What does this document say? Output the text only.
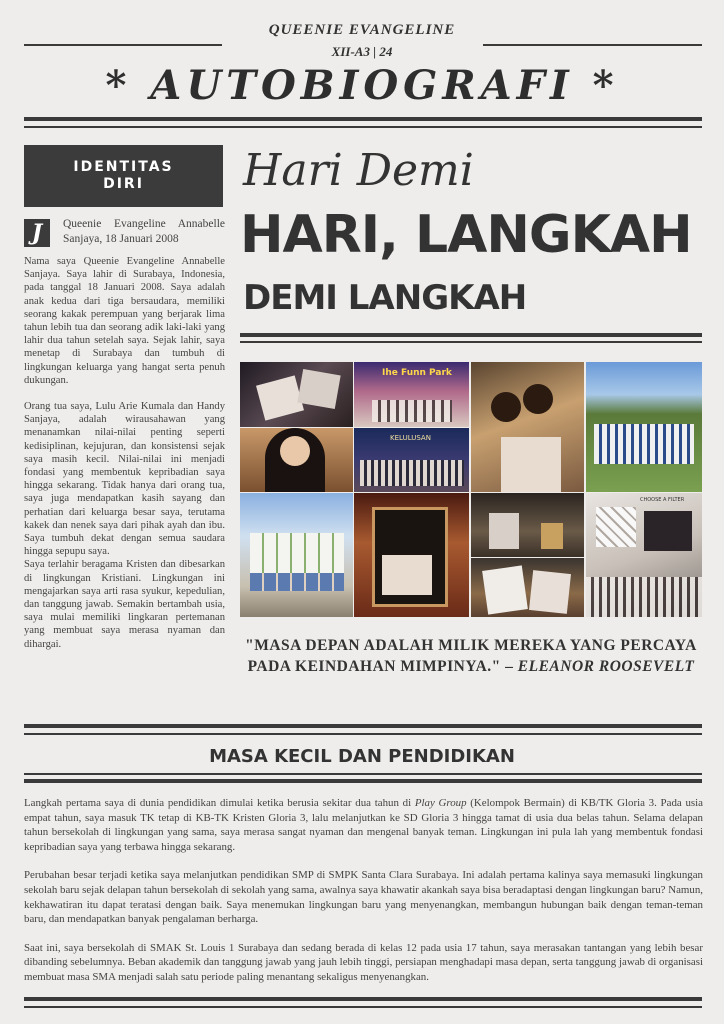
QUEENIE EVANGELINE
XII-A3 | 24
* AUTOBIOGRAFI *
IDENTITAS
DIRI
J	Queenie Evangeline Annabelle Sanjaya, 18 Januari 2008

Nama saya Queenie Evangeline Annabelle Sanjaya. Saya lahir di Surabaya, Indonesia, pada tanggal 18 Januari 2008. Saya adalah anak kedua dari tiga bersaudara, memiliki seorang kakak perempuan yang berjarak lima tahun lebih tua dan seorang adik laki-laki yang lahir dua tahun setelah saya. Sejak lahir, saya menetap di Surabaya dan tumbuh di lingkungan keluarga yang hangat serta penuh dukungan.

Orang tua saya, Lulu Arie Kumala dan Handy Sanjaya, adalah wirausahawan yang menanamkan nilai-nilai penting seperti kedisiplinan, kejujuran, dan konsistensi sejak saya masih kecil. Nilai-nilai ini menjadi fondasi yang membentuk kepribadian saya hingga sekarang. Tidak hanya dari orang tua, saya juga mendapatkan kasih sayang dan perhatian dari keluarga besar saya, terutama kakek dan nenek saya dari pihak ayah dan ibu. Saya tumbuh dekat dengan semua saudara hingga sepupu saya.

Saya terlahir beragama Kristen dan dibesarkan di lingkungan Kristiani. Lingkungan ini mengajarkan saya arti rasa syukur, kepedulian, dan tanggung jawab. Semakin bertambah usia, saya mulai memiliki lingkaran pertemanan yang membuat saya merasa nyaman dan dihargai.

Hari Demi
HARI, LANGKAH
DEMI LANGKAH
Ihe Funn Park
KELULUSAN
CHOOSE A FILTER
"MASA DEPAN ADALAH MILIK MEREKA YANG PERCAYA PADA KEINDAHAN MIMPINYA." – ELEANOR ROOSEVELT
MASA KECIL DAN PENDIDIKAN

Langkah pertama saya di dunia pendidikan dimulai ketika berusia sekitar dua tahun di Play Group (Kelompok Bermain) di KB/TK Gloria 3. Pada usia empat tahun, saya masuk TK tetap di KB-TK Kristen Gloria 3, lalu melanjutkan ke SD Gloria 3 hingga tamat di usia dua belas tahun. Selama delapan tahun bersekolah di lingkungan yang sama, saya merasa sangat nyaman dan mengenal banyak teman. Lingkungan ini pula lah yang membentuk fondasi kepribadian saya yang terbawa hingga sekarang.

Perubahan besar terjadi ketika saya melanjutkan pendidikan SMP di SMPK Santa Clara Surabaya. Ini adalah pertama kalinya saya memasuki lingkungan sekolah baru sejak delapan tahun bersekolah di sekolah yang sama, awalnya saya khawatir akankah saya bisa beradaptasi dengan lingkungan baru? Namun, kekhawatiran itu dapat teratasi dengan baik. Saya menemukan lingkungan baru yang menyenangkan, membangun hubungan baik dengan teman-teman baru, dan mendapatkan banyak pengalaman berharga.

Saat ini, saya bersekolah di SMAK St. Louis 1 Surabaya dan sedang berada di kelas 12 pada usia 17 tahun, saya merasakan tantangan yang lebih besar dibanding sebelumnya. Beban akademik dan tanggung jawab yang jauh lebih tinggi, persiapan menghadapi masa depan, serta tanggung jawab di organisasi membuat masa SMA menjadi salah satu periode paling menantang sekaligus menyenangkan.
